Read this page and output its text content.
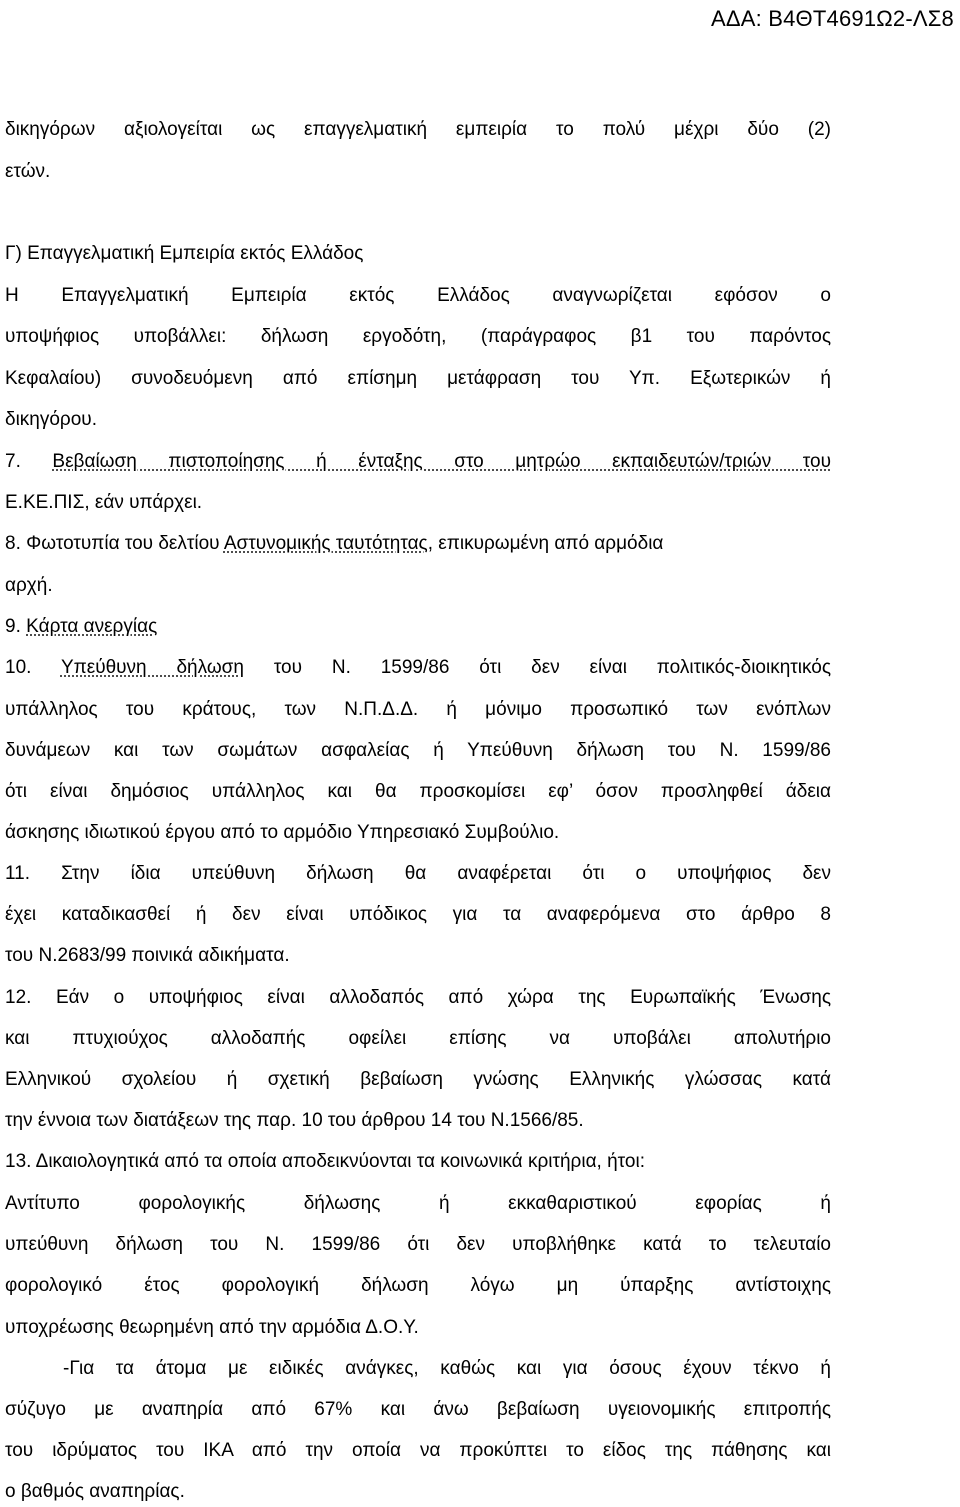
ΑΔΑ: Β4ΘΤ4691Ω2-ΛΣ8
δικηγόρων αξιολογείται ως επαγγελματική εμπειρία το πολύ μέχρι δύο (2)
ετών.
Γ) Επαγγελματική Εμπειρία εκτός Ελλάδος
Η Επαγγελματική Εμπειρία εκτός Ελλάδος αναγνωρίζεται εφόσον ο
υποψήφιος υποβάλλει: δήλωση εργοδότη, (παράγραφος β1 του παρόντος
Κεφαλαίου) συνοδευόμενη από επίσημη μετάφραση του Υπ. Εξωτερικών ή
δικηγόρου.
7. Βεβαίωση πιστοποίησης ή ένταξης στο μητρώο εκπαιδευτών/τριών του
Ε.ΚΕ.ΠΙΣ, εάν υπάρχει.
8. Φωτοτυπία του δελτίου Αστυνομικής ταυτότητας, επικυρωμένη από αρμόδια
αρχή.
9. Κάρτα ανεργίας
10. Υπεύθυνη δήλωση του Ν. 1599/86 ότι δεν είναι πολιτικός-διοικητικός
υπάλληλος του κράτους, των Ν.Π.Δ.Δ. ή μόνιμο προσωπικό των ενόπλων
δυνάμεων και των σωμάτων ασφαλείας ή Υπεύθυνη δήλωση του Ν. 1599/86
ότι είναι δημόσιος υπάλληλος και θα προσκομίσει εφ’ όσον προσληφθεί άδεια
άσκησης ιδιωτικού έργου από το αρμόδιο Υπηρεσιακό Συμβούλιο.
11. Στην ίδια υπεύθυνη δήλωση θα αναφέρεται ότι ο υποψήφιος δεν
έχει καταδικασθεί ή δεν είναι υπόδικος για τα αναφερόμενα στο άρθρο 8
του Ν.2683/99 ποινικά αδικήματα.
12. Εάν ο υποψήφιος είναι αλλοδαπός από χώρα της Ευρωπαϊκής Ένωσης
και πτυχιούχος αλλοδαπής οφείλει επίσης να υποβάλει απολυτήριο
Ελληνικού σχολείου ή σχετική βεβαίωση γνώσης Ελληνικής γλώσσας κατά
την έννοια των διατάξεων της παρ. 10 του άρθρου 14 του Ν.1566/85.
13. Δικαιολογητικά από τα οποία αποδεικνύονται τα κοινωνικά κριτήρια, ήτοι:
Αντίτυπο φορολογικής δήλωσης ή εκκαθαριστικού εφορίας ή
υπεύθυνη δήλωση του Ν. 1599/86 ότι δεν υποβλήθηκε κατά το τελευταίο
φορολογικό έτος φορολογική δήλωση λόγω μη ύπαρξης αντίστοιχης
υποχρέωσης θεωρημένη από την αρμόδια Δ.Ο.Υ.
-Για τα άτομα με ειδικές ανάγκες, καθώς και για όσους έχουν τέκνο ή
σύζυγο με αναπηρία από 67% και άνω βεβαίωση υγειονομικής επιτροπής
του ιδρύματος του ΙΚΑ από την οποία να προκύπτει το είδος της πάθησης και
ο βαθμός αναπηρίας.
